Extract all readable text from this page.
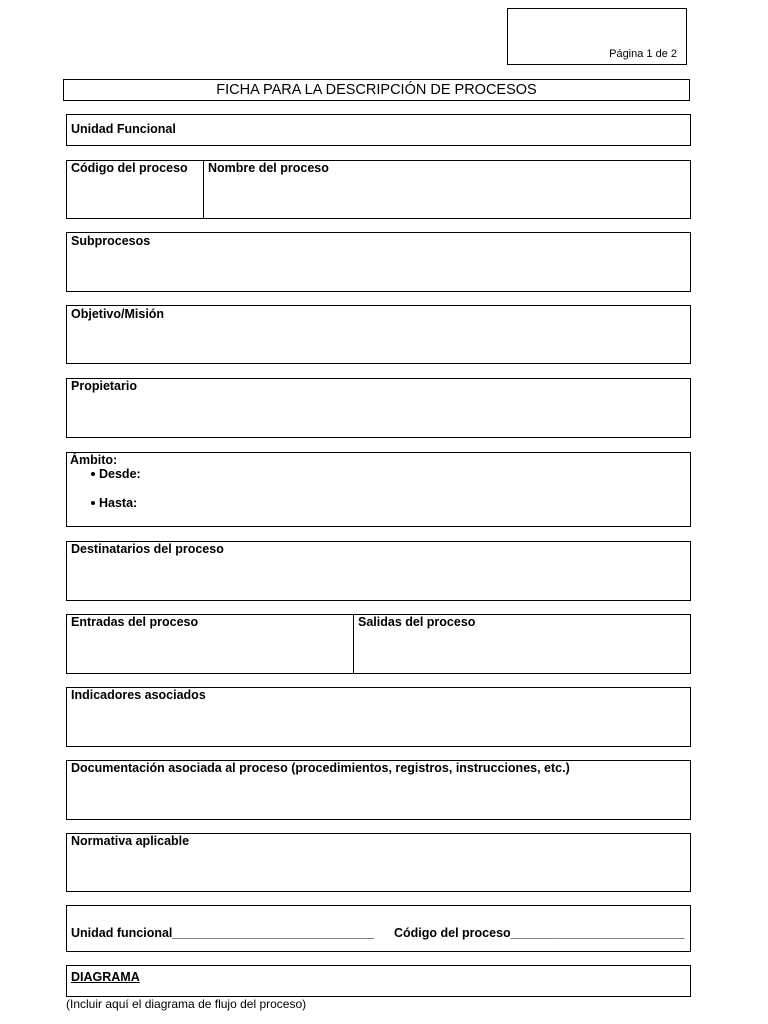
Página 1 de 2
FICHA PARA LA DESCRIPCIÓN DE PROCESOS
Unidad Funcional
Código del proceso Nombre del proceso
Subprocesos
Objetivo/Misión
Propietario
Ámbito:
Desde:
Hasta:
Destinatarios del proceso
Entradas del proceso	Salidas del proceso
Indicadores asociados
Documentación asociada al proceso (procedimientos, registros, instrucciones, etc.)
Normativa aplicable
Unidad funcional_____________________________ Código del proceso_________________________
DIAGRAMA
(Incluir aquí el diagrama de flujo del proceso)
